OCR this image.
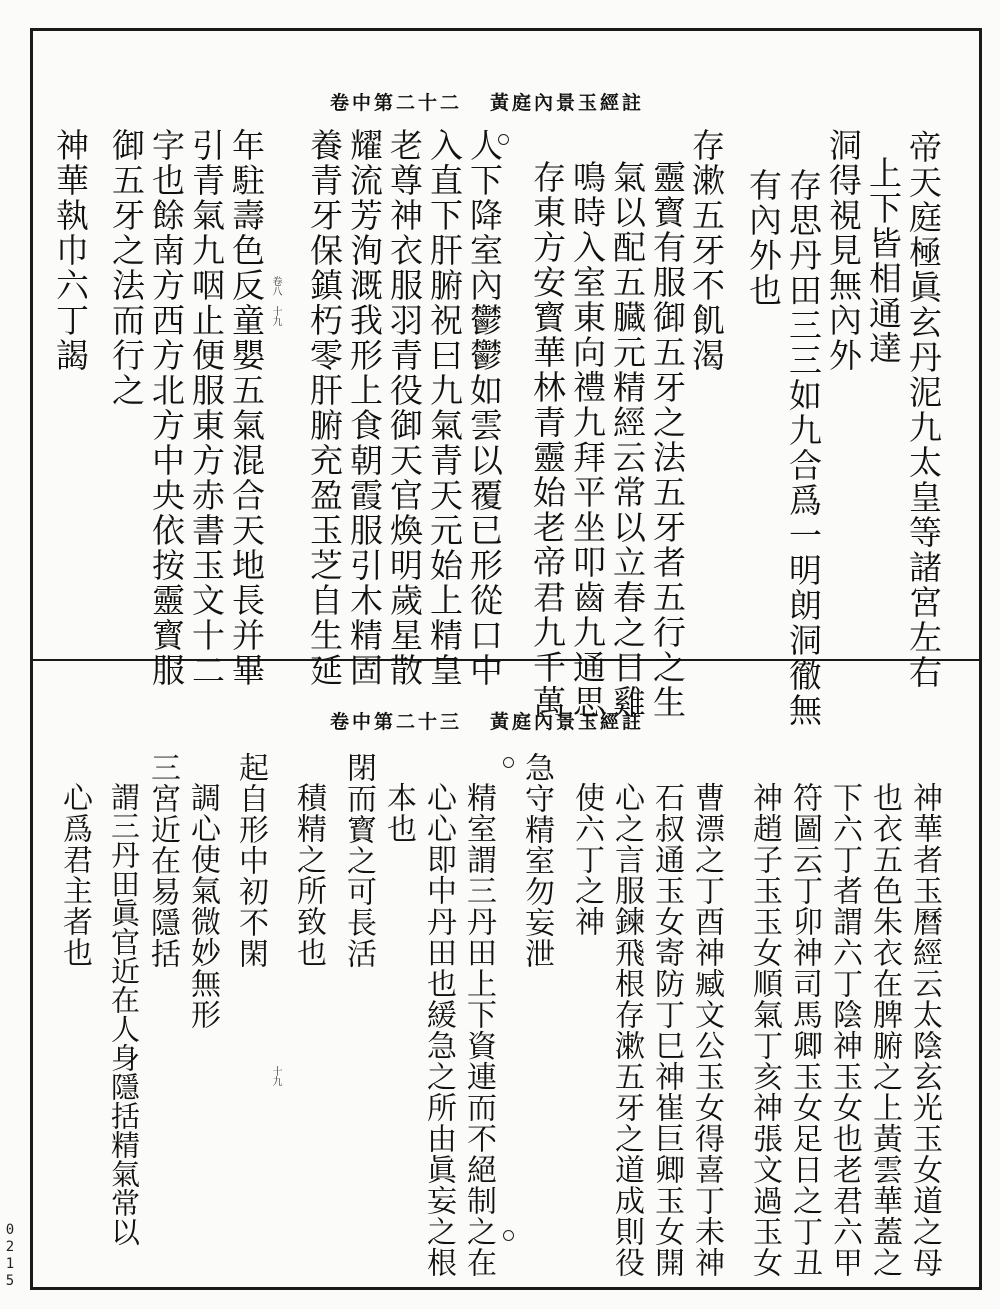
卷中第二十二 黃庭內景玉經註
卷八　十九	帝天庭極眞玄丹泥九太皇等諸宮左右
上下皆相通達
洞得視見無內外
存思丹田三三如九合爲一明朗洞徹無
有內外也
存漱五牙不飢渴
靈寳有服御五牙之法五牙者五行之生
氣以配五臓元精經云常以立春之日雞
鳴時入室東向禮九拜平坐叩齒九通思
存東方安寳華林青靈始老帝君九千萬
人下降室內鬱鬱如雲以覆已形從口中
入直下肝腑祝曰九氣青天元始上精皇
老尊神衣服羽青役御天官煥明歲星散
耀流芳洵溉我形上食朝霞服引木精固
養青牙保鎮朽零肝腑充盈玉芝自生延
年駐壽色反童嬰五氣混合天地長并畢
引青氣九咽止便服東方赤書玉文十二
字也餘南方西方北方中央依按靈寳服
御五牙之法而行之
神華執巾六丁謁
卷中第二十三 黃庭內景玉經註
十九	神華者玉曆經云太陰玄光玉女道之母
也衣五色朱衣在脾腑之上黃雲華蓋之
下六丁者謂六丁陰神玉女也老君六甲
符圖云丁卯神司馬卿玉女足日之丁丑
神趙子玉玉女順氣丁亥神張文過玉女
曹漂之丁酉神臧文公玉女得喜丁未神
石叔通玉女寄防丁巳神崔巨卿玉女開
心之言服鍊飛根存漱五牙之道成則役
使六丁之神
急守精室勿妄泄
精室謂三丹田上下資連而不絕制之在
心心即中丹田也緩急之所由眞妄之根
本也
閉而寳之可長活
積精之所致也
起自形中初不閑
調心使氣微妙無形
三宮近在易隱括
謂三丹田眞官近在人身隱括精氣常以
心爲君主者也
0215
